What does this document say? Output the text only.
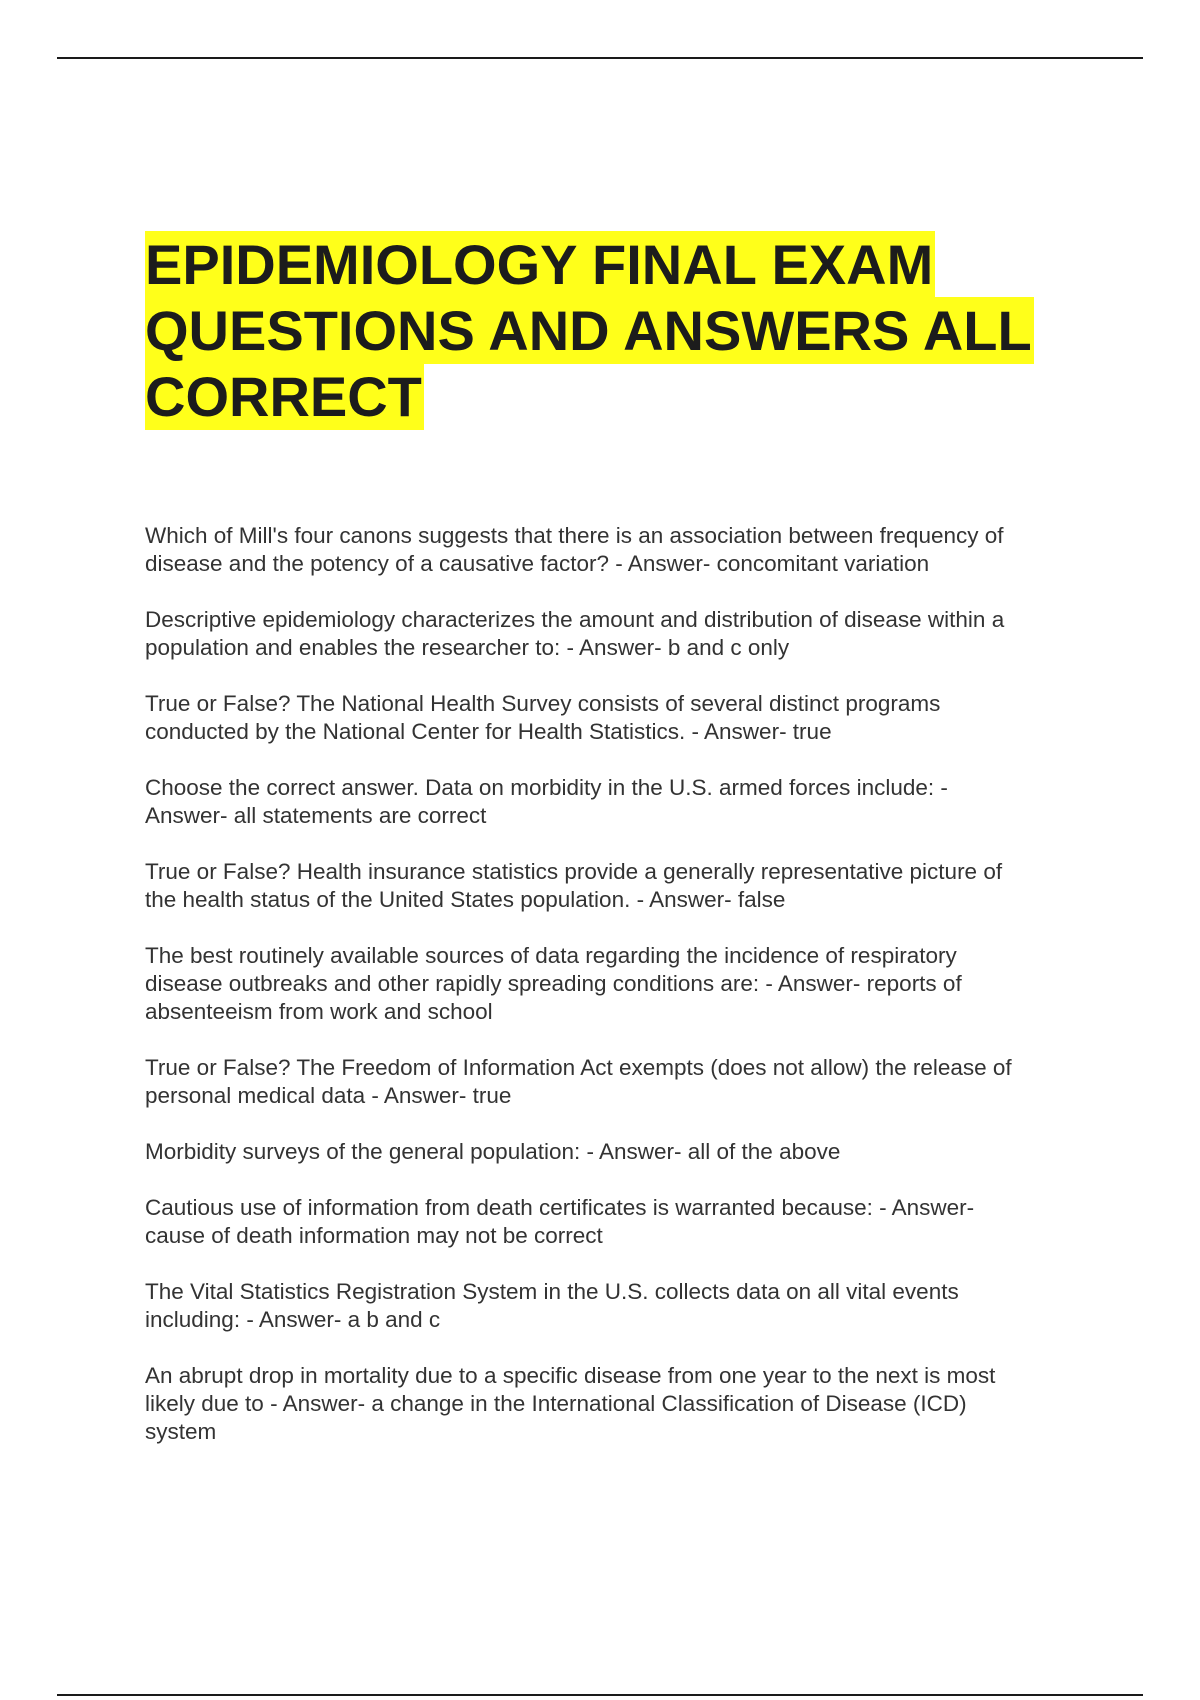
EPIDEMIOLOGY FINAL EXAM
QUESTIONS AND ANSWERS ALL
CORRECT
Which of Mill's four canons suggests that there is an association between frequency of
disease and the potency of a causative factor? - Answer- concomitant variation
Descriptive epidemiology characterizes the amount and distribution of disease within a
population and enables the researcher to: - Answer- b and c only
True or False? The National Health Survey consists of several distinct programs
conducted by the National Center for Health Statistics. - Answer- true
Choose the correct answer. Data on morbidity in the U.S. armed forces include: -
Answer- all statements are correct
True or False? Health insurance statistics provide a generally representative picture of
the health status of the United States population. - Answer- false
The best routinely available sources of data regarding the incidence of respiratory
disease outbreaks and other rapidly spreading conditions are: - Answer- reports of
absenteeism from work and school
True or False? The Freedom of Information Act exempts (does not allow) the release of
personal medical data - Answer- true
Morbidity surveys of the general population: - Answer- all of the above
Cautious use of information from death certificates is warranted because: - Answer-
cause of death information may not be correct
The Vital Statistics Registration System in the U.S. collects data on all vital events
including: - Answer- a b and c
An abrupt drop in mortality due to a specific disease from one year to the next is most
likely due to - Answer- a change in the International Classification of Disease (ICD)
system
